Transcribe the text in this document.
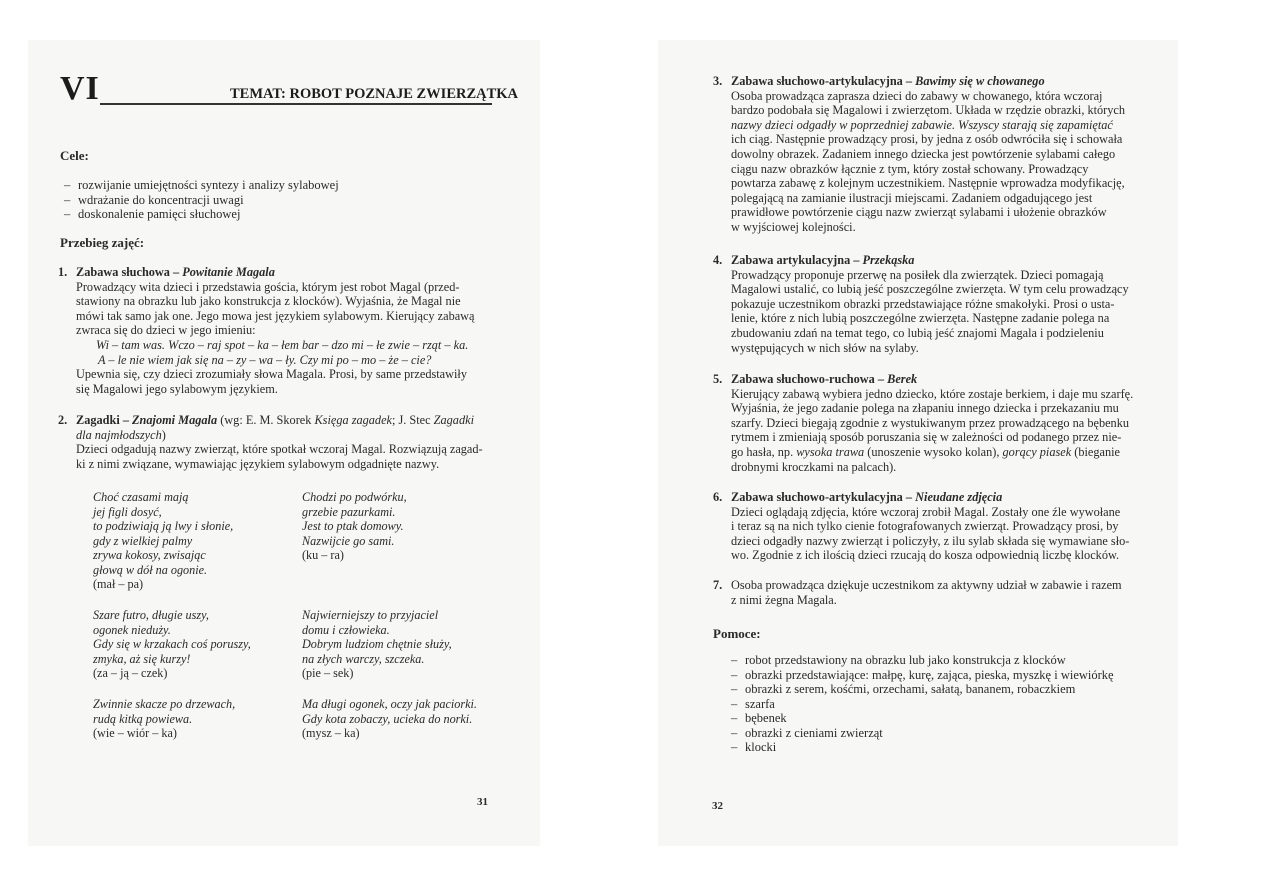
VI	TEMAT: ROBOT POZNAJE ZWIERZĄTKA
Cele:
– rozwijanie umiejętności syntezy i analizy sylabowej
– wdrażanie do koncentracji uwagi
– doskonalenie pamięci słuchowej
Przebieg zajęć:
1. Zabawa słuchowa – Powitanie Magala

Prowadzący wita dzieci i przedstawia gościa, którym jest robot Magal (przed-

stawiony na obrazku lub jako konstrukcja z klocków). Wyjaśnia, że Magal nie

mówi tak samo jak one. Jego mowa jest językiem sylabowym. Kierujący zabawą

zwraca się do dzieci w jego imieniu:

Wi – tam was. Wczo – raj spot – ka – łem bar – dzo mi – łe zwie – rząt – ka.

A – le nie wiem jak się na – zy – wa – ły. Czy mi po – mo – że – cie?

Upewnia się, czy dzieci zrozumiały słowa Magala. Prosi, by same przedstawiły

się Magalowi jego sylabowym językiem.

2. Zagadki – Znajomi Magala (wg: E. M. Skorek Księga zagadek; J. Stec Zagadki

dla najmłodszych)

Dzieci odgadują nazwy zwierząt, które spotkał wczoraj Magal. Rozwiązują zagad-

ki z nimi związane, wymawiając językiem sylabowym odgadnięte nazwy.

Choć czasami mają
jej figli dosyć,
to podziwiają ją lwy i słonie,
gdy z wielkiej palmy
zrywa kokosy, zwisając
głową w dół na ogonie.
(mał – pa)
Chodzi po podwórku,
grzebie pazurkami.
Jest to ptak domowy.
Nazwijcie go sami.
(ku – ra)
Szare futro, długie uszy,
ogonek nieduży.
Gdy się w krzakach coś poruszy,
zmyka, aż się kurzy!
(za – ją – czek)
Najwierniejszy to przyjaciel
domu i człowieka.
Dobrym ludziom chętnie służy,
na złych warczy, szczeka.
(pie – sek)
Zwinnie skacze po drzewach,
rudą kitką powiewa.
(wie – wiór – ka)
Ma długi ogonek, oczy jak paciorki.
Gdy kota zobaczy, ucieka do norki.
(mysz – ka)
31
3. Zabawa słuchowo-artykulacyjna – Bawimy się w chowanego

Osoba prowadząca zaprasza dzieci do zabawy w chowanego, która wczoraj

bardzo podobała się Magalowi i zwierzętom. Układa w rzędzie obrazki, których

nazwy dzieci odgadły w poprzedniej zabawie. Wszyscy starają się zapamiętać

ich ciąg. Następnie prowadzący prosi, by jedna z osób odwróciła się i schowała

dowolny obrazek. Zadaniem innego dziecka jest powtórzenie sylabami całego

ciągu nazw obrazków łącznie z tym, który został schowany. Prowadzący

powtarza zabawę z kolejnym uczestnikiem. Następnie wprowadza modyfikację,

polegającą na zamianie ilustracji miejscami. Zadaniem odgadującego jest

prawidłowe powtórzenie ciągu nazw zwierząt sylabami i ułożenie obrazków

w wyjściowej kolejności.

4. Zabawa artykulacyjna – Przekąska

Prowadzący proponuje przerwę na posiłek dla zwierzątek. Dzieci pomagają

Magalowi ustalić, co lubią jeść poszczególne zwierzęta. W tym celu prowadzący

pokazuje uczestnikom obrazki przedstawiające różne smakołyki. Prosi o usta-

lenie, które z nich lubią poszczególne zwierzęta. Następne zadanie polega na

zbudowaniu zdań na temat tego, co lubią jeść znajomi Magala i podzieleniu

występujących w nich słów na sylaby.

5. Zabawa słuchowo-ruchowa – Berek

Kierujący zabawą wybiera jedno dziecko, które zostaje berkiem, i daje mu szarfę.

Wyjaśnia, że jego zadanie polega na złapaniu innego dziecka i przekazaniu mu

szarfy. Dzieci biegają zgodnie z wystukiwanym przez prowadzącego na bębenku

rytmem i zmieniają sposób poruszania się w zależności od podanego przez nie-

go hasła, np. wysoka trawa (unoszenie wysoko kolan), gorący piasek (bieganie

drobnymi kroczkami na palcach).

6. Zabawa słuchowo-artykulacyjna – Nieudane zdjęcia

Dzieci oglądają zdjęcia, które wczoraj zrobił Magal. Zostały one źle wywołane

i teraz są na nich tylko cienie fotografowanych zwierząt. Prowadzący prosi, by

dzieci odgadły nazwy zwierząt i policzyły, z ilu sylab składa się wymawiane sło-

wo. Zgodnie z ich ilością dzieci rzucają do kosza odpowiednią liczbę klocków.

7. Osoba prowadząca dziękuje uczestnikom za aktywny udział w zabawie i razem

z nimi żegna Magala.

Pomoce:
– robot przedstawiony na obrazku lub jako konstrukcja z klocków
– obrazki przedstawiające: małpę, kurę, zająca, pieska, myszkę i wiewiórkę
– obrazki z serem, kośćmi, orzechami, sałatą, bananem, robaczkiem
– szarfa
– bębenek
– obrazki z cieniami zwierząt
– klocki
32
